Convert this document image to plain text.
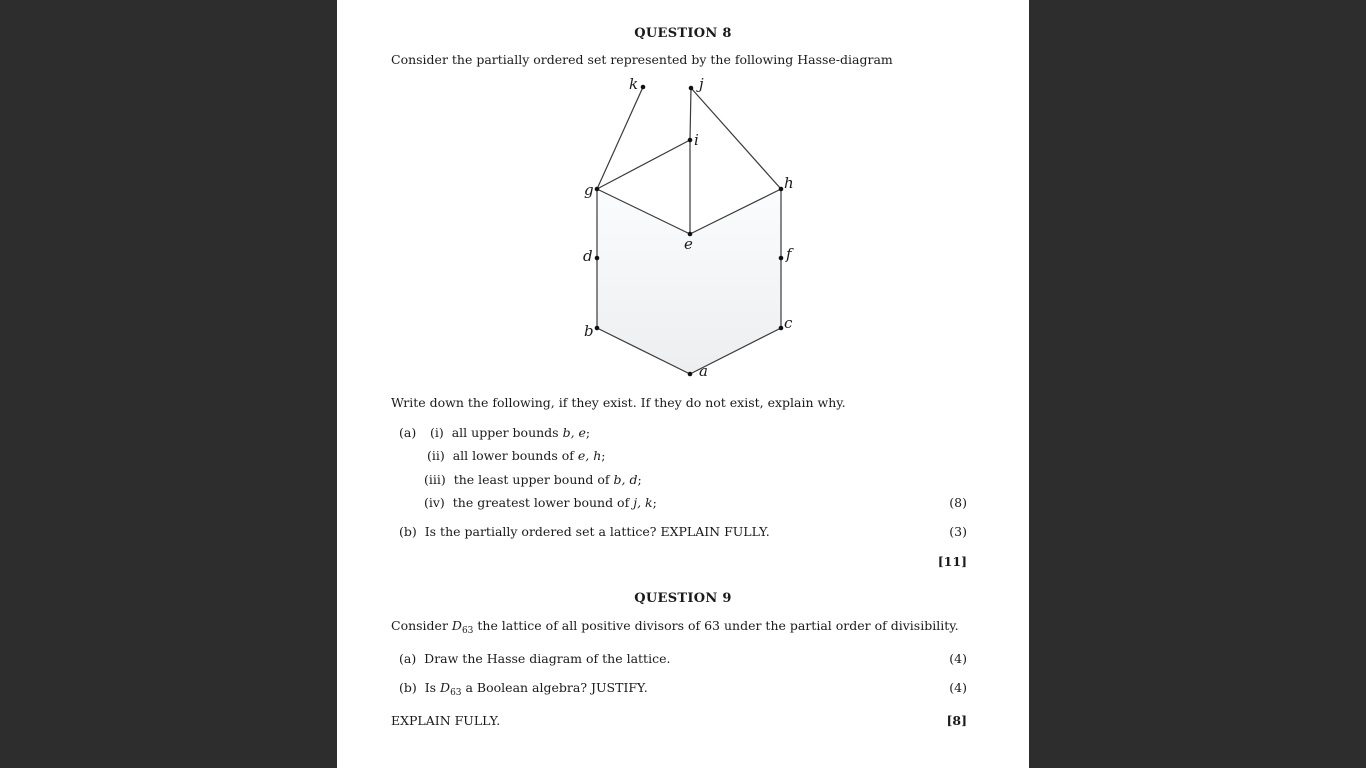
QUESTION 8
Consider the partially ordered set represented by the following Hasse-diagram
a
b	c
d	f
g	h
e
i
j
k
Write down the following, if they exist. If they do not exist, explain why.
(a) (i) all upper bounds b, e;
(ii) all lower bounds of e, h;
(iii) the least upper bound of b, d;
(iv) the greatest lower bound of j, k;	(8)
(b) Is the partially ordered set a lattice? EXPLAIN FULLY.	(3)
[11]
QUESTION 9
Consider $D_{63}$ the lattice of all positive divisors of 63 under the partial order of divisibility.
(a) Draw the Hasse diagram of the lattice.	(4)
(b) Is $D_{63}$ a Boolean algebra? JUSTIFY.	(4)
EXPLAIN FULLY.	[8]
